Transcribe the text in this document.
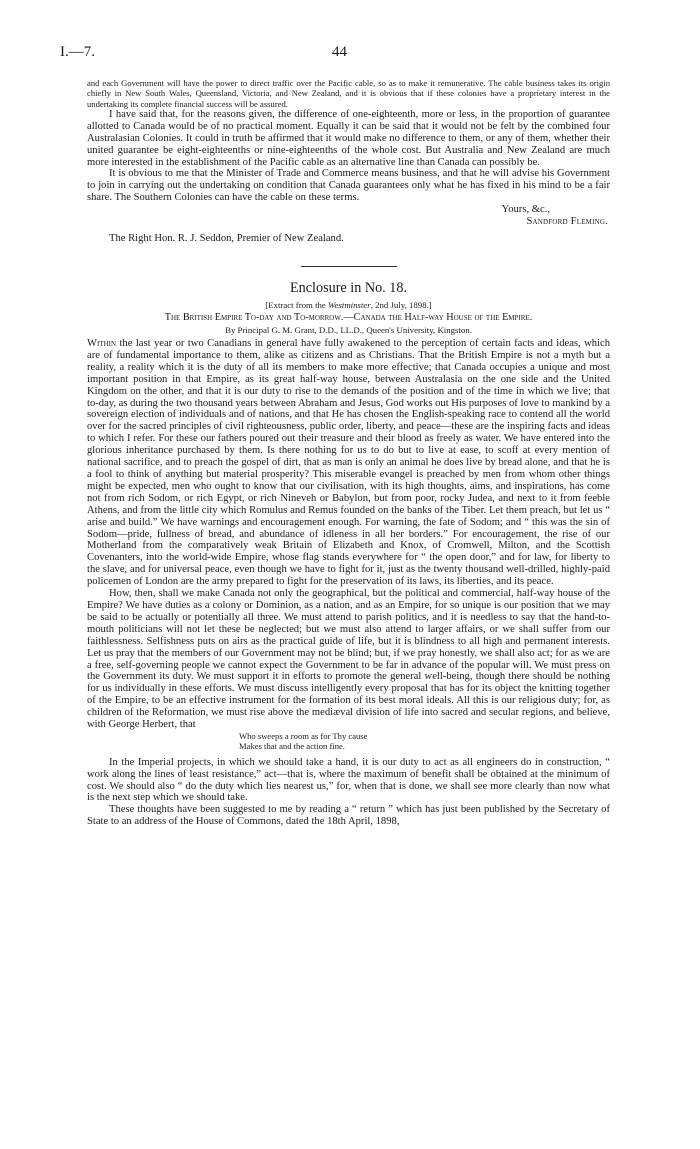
I.—7.	44

and each Government will have the power to direct traffic over the Pacific cable, so as to make it remunerative. The cable business takes its origin chiefly in New South Wales, Queensland, Victoria, and New Zealand, and it is obvious that if these colonies have a proprietary interest in the undertaking its complete financial success will be assured.

I have said that, for the reasons given, the difference of one-eighteenth, more or less, in the proportion of guarantee allotted to Canada would be of no practical moment. Equally it can be said that it would not be felt by the combined four Australasian Colonies. It could in truth be affirmed that it would make no difference to them, or any of them, whether their united guarantee be eight-eighteenths or nine-eighteenths of the whole cost. But Australia and New Zealand are much more interested in the establishment of the Pacific cable as an alternative line than Canada can possibly be.

It is obvious to me that the Minister of Trade and Commerce means business, and that he will advise his Government to join in carrying out the undertaking on condition that Canada guarantees only what he has fixed in his mind to be a fair share. The Southern Colonies can have the cable on these terms.

Yours, &c.,
Sandford Fleming.

The Right Hon. R. J. Seddon, Premier of New Zealand.

Enclosure in No. 18.

[Extract from the Westminster, 2nd July, 1898.]

The British Empire To-day and To-morrow.—Canada the Half-way House of the Empire.

By Principal G. M. Grant, D.D., LL.D., Queen's University, Kingston.

Within the last year or two Canadians in general have fully awakened to the perception of certain facts and ideas, which are of fundamental importance to them, alike as citizens and as Christians. That the British Empire is not a myth but a reality, a reality which it is the duty of all its members to make more effective; that Canada occupies a unique and most important position in that Empire, as its great half-way house, between Australasia on the one side and the United Kingdom on the other, and that it is our duty to rise to the demands of the position and of the time in which we live; that to-day, as during the two thousand years between Abraham and Jesus, God works out His purposes of love to mankind by a sovereign election of individuals and of nations, and that He has chosen the English-speaking race to contend all the world over for the sacred principles of civil righteousness, public order, liberty, and peace—these are the inspiring facts and ideas to which I refer. For these our fathers poured out their treasure and their blood as freely as water. We have entered into the glorious inheritance purchased by them. Is there nothing for us to do but to live at ease, to scoff at every mention of national sacrifice, and to preach the gospel of dirt, that as man is only an animal he does live by bread alone, and that he is a fool to think of anything but material prosperity? This miserable evangel is preached by men from whom other things might be expected, men who ought to know that our civilisation, with its high thoughts, aims, and inspirations, has come not from rich Sodom, or rich Egypt, or rich Nineveh or Babylon, but from poor, rocky Judea, and next to it from feeble Athens, and from the little city which Romulus and Remus founded on the banks of the Tiber. Let them preach, but let us “ arise and build.” We have warnings and encouragement enough. For warning, the fate of Sodom; and “ this was the sin of Sodom—pride, fullness of bread, and abundance of idleness in all her borders.” For encouragement, the rise of our Motherland from the comparatively weak Britain of Elizabeth and Knox, of Cromwell, Milton, and the Scottish Covenanters, into the world-wide Empire, whose flag stands everywhere for “ the open door,” and for law, for liberty to the slave, and for universal peace, even though we have to fight for it, just as the twenty thousand well-drilled, highly-paid policemen of London are the army prepared to fight for the preservation of its laws, its liberties, and its peace.

How, then, shall we make Canada not only the geographical, but the political and commercial, half-way house of the Empire? We have duties as a colony or Dominion, as a nation, and as an Empire, for so unique is our position that we may be said to be actually or potentially all three. We must attend to parish politics, and it is needless to say that the hand-to-mouth politicians will not let these be neglected; but we must also attend to larger affairs, or we shall suffer from our faithlessness. Selfishness puts on airs as the practical guide of life, but it is blindness to all high and permanent interests. Let us pray that the members of our Government may not be blind; but, if we pray honestly, we shall also act; for as we are a free, self-governing people we cannot expect the Government to be far in advance of the popular will. We must press on the Government its duty. We must support it in efforts to promote the general well-being, though there should be nothing for us individually in these efforts. We must discuss intelligently every proposal that has for its object the knitting together of the Empire, to be an effective instrument for the formation of its best moral ideals. All this is our religious duty; for, as children of the Reformation, we must rise above the mediæval division of life into sacred and secular regions, and believe, with George Herbert, that

Who sweeps a room as for Thy cause
Makes that and the action fine.

In the Imperial projects, in which we should take a hand, it is our duty to act as all engineers do in construction, “ work along the lines of least resistance,” act—that is, where the maximum of benefit shall be obtained at the minimum of cost. We should also “ do the duty which lies nearest us,” for, when that is done, we shall see more clearly than now what is the next step which we should take.

These thoughts have been suggested to me by reading a “ return ” which has just been published by the Secretary of State to an address of the House of Commons, dated the 18th April, 1898,
